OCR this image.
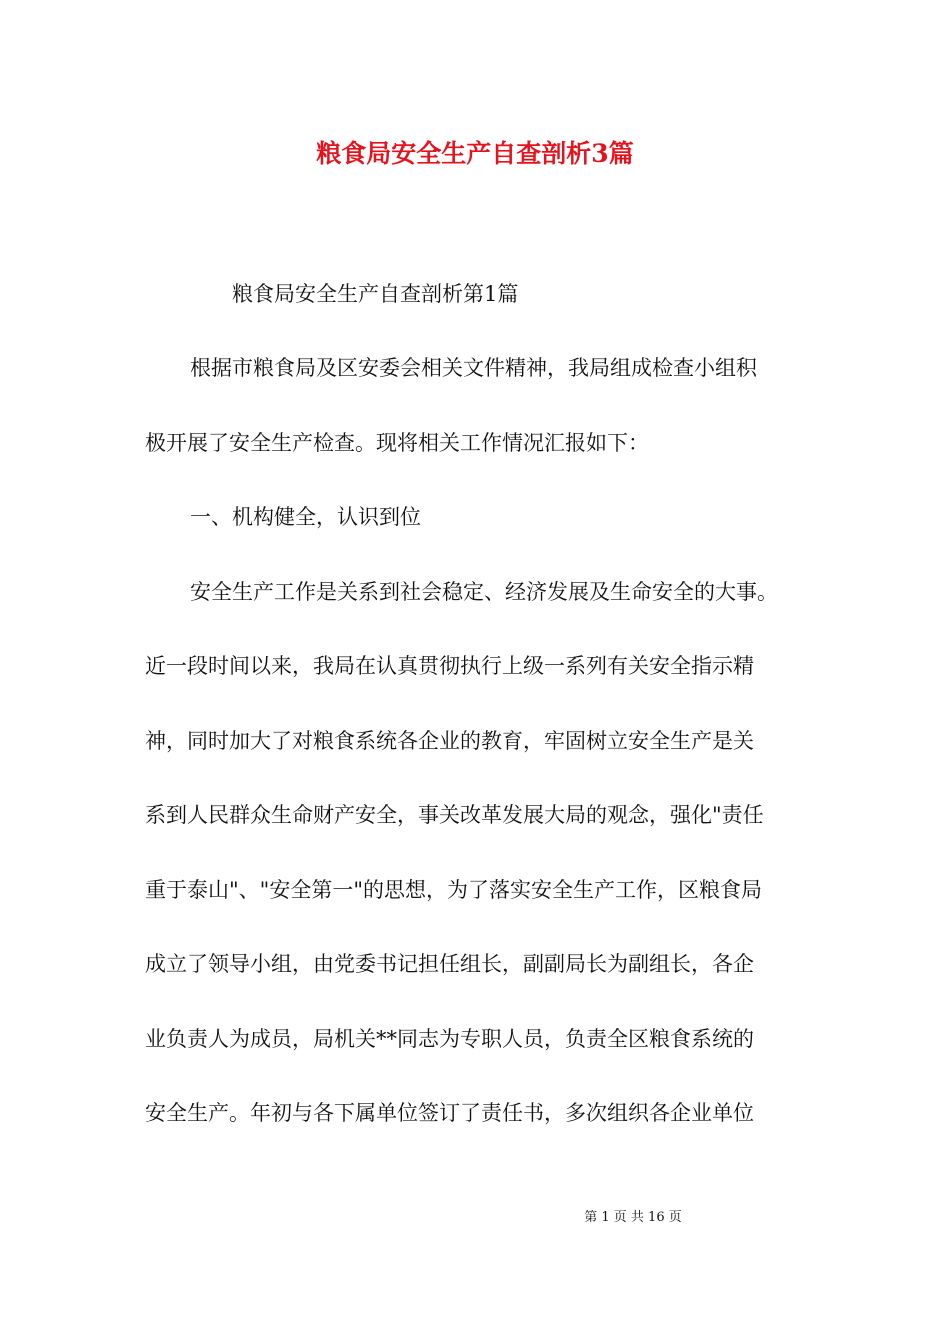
粮食局安全生产自查剖析3篇
粮食局安全生产自查剖析第1篇
根据市粮食局及区安委会相关文件精神，我局组成检查小组积
极开展了安全生产检查。现将相关工作情况汇报如下：
一、机构健全，认识到位
安全生产工作是关系到社会稳定、经济发展及生命安全的大事。
近一段时间以来，我局在认真贯彻执行上级一系列有关安全指示精
神，同时加大了对粮食系统各企业的教育，牢固树立安全生产是关
系到人民群众生命财产安全，事关改革发展大局的观念，强化"责任
重于泰山"、"安全第一"的思想，为了落实安全生产工作，区粮食局
成立了领导小组，由党委书记担任组长，副副局长为副组长，各企
业负责人为成员，局机关**同志为专职人员，负责全区粮食系统的
安全生产。年初与各下属单位签订了责任书，多次组织各企业单位
第 1 页 共 16 页
